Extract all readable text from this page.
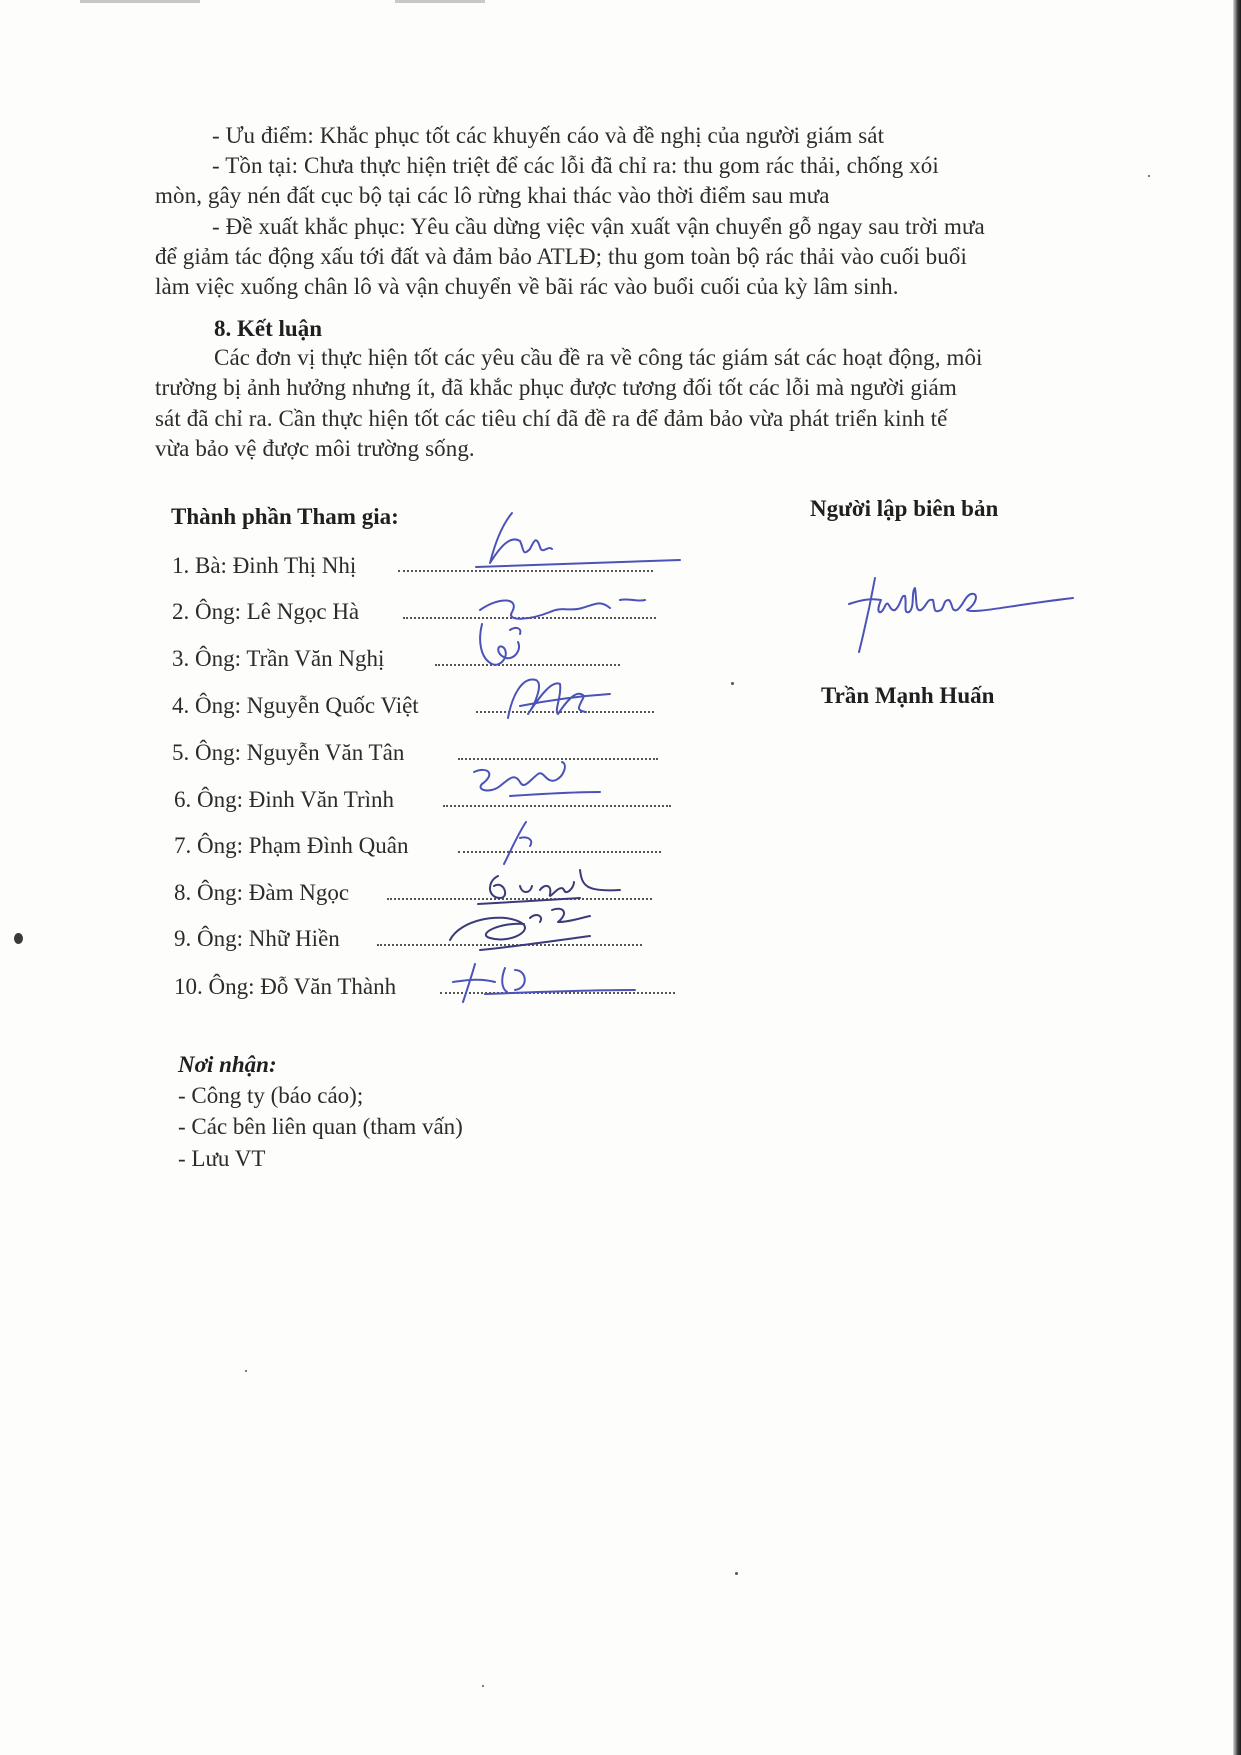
- Ưu điểm: Khắc phục tốt các khuyến cáo và đề nghị của người giám sát
- Tồn tại: Chưa thực hiện triệt để các lỗi đã chỉ ra: thu gom rác thải, chống xói
mòn, gây nén đất cục bộ tại các lô rừng khai thác vào thời điểm sau mưa
- Đề xuất khắc phục: Yêu cầu dừng việc vận xuất vận chuyển gỗ ngay sau trời mưa
để giảm tác động xấu tới đất và đảm bảo ATLĐ; thu gom toàn bộ rác thải vào cuối buổi
làm việc xuống chân lô và vận chuyển về bãi rác vào buổi cuối của kỳ lâm sinh.
8. Kết luận
Các đơn vị thực hiện tốt các yêu cầu đề ra về công tác giám sát các hoạt động, môi
trường bị ảnh hưởng nhưng ít, đã khắc phục được tương đối tốt các lỗi mà người giám
sát đã chỉ ra. Cần thực hiện tốt các tiêu chí đã đề ra để đảm bảo vừa phát triển kinh tế
vừa bảo vệ được môi trường sống.
Thành phần Tham gia:
1. Bà: Đinh Thị Nhị
2. Ông: Lê Ngọc Hà
3. Ông: Trần Văn Nghị
4. Ông: Nguyễn Quốc Việt
5. Ông: Nguyễn Văn Tân
6. Ông: Đinh Văn Trình
7. Ông: Phạm Đình Quân
8. Ông: Đàm Ngọc
9. Ông: Nhữ Hiền
10. Ông: Đỗ Văn Thành
Người lập biên bản
Trần Mạnh Huấn
Nơi nhận:
- Công ty (báo cáo);
- Các bên liên quan (tham vấn)
- Lưu VT
